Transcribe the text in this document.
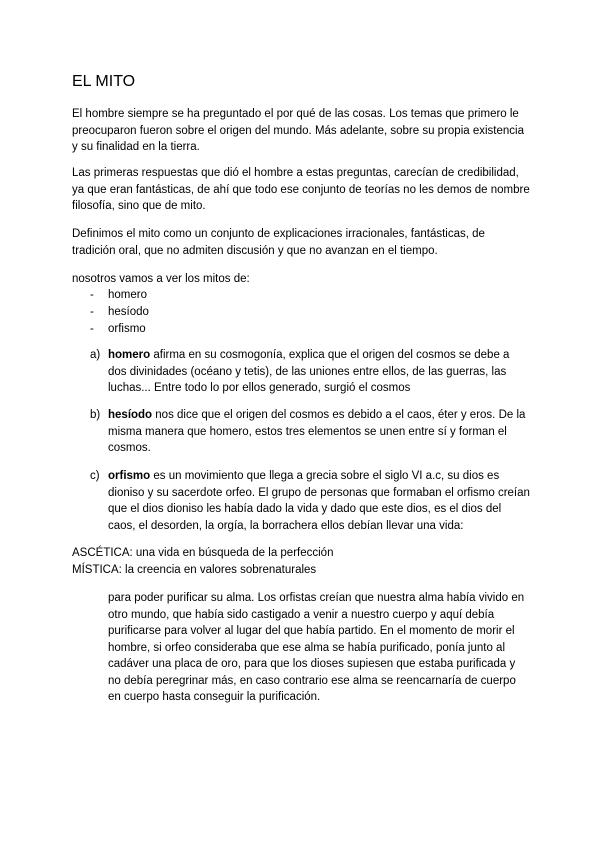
EL MITO

El hombre siempre se ha preguntado el por qué de las cosas. Los temas que primero le preocuparon fueron sobre el origen del mundo. Más adelante, sobre su propia existencia y su finalidad en la tierra.

Las primeras respuestas que dió el hombre a estas preguntas, carecían de credibilidad, ya que eran fantásticas, de ahí que todo ese conjunto de teorías no les demos de nombre filosofía, sino que de mito.

Definimos el mito como un conjunto de explicaciones irracionales, fantásticas, de tradición oral, que no admiten discusión y que no avanzan en el tiempo.

nosotros vamos a ver los mitos de:

- homero
- hesíodo
- orfismo
a) homero afirma en su cosmogonía, explica que el origen del cosmos se debe a dos divinidades (océano y tetis), de las uniones entre ellos, de las guerras, las luchas... Entre todo lo por ellos generado, surgió el cosmos
b) hesíodo nos dice que el origen del cosmos es debido a el caos, éter y eros. De la misma manera que homero, estos tres elementos se unen entre sí y forman el cosmos.
c) orfismo es un movimiento que llega a grecia sobre el siglo VI a.c, su dios es dioniso y su sacerdote orfeo. El grupo de personas que formaban el orfismo creían que el dios dioniso les había dado la vida y dado que este dios, es el dios del caos, el desorden, la orgía, la borrachera ellos debían llevar una vida:
ASCÉTICA: una vida en búsqueda de la perfección
MÍSTICA: la creencia en valores sobrenaturales

para poder purificar su alma. Los orfistas creían que nuestra alma había vivido en otro mundo, que había sido castigado a venir a nuestro cuerpo y aquí debía purificarse para volver al lugar del que había partido. En el momento de morir el hombre, si orfeo consideraba que ese alma se había purificado, ponía junto al cadáver una placa de oro, para que los dioses supiesen que estaba purificada y no debía peregrinar más, en caso contrario ese alma se reencarnaría de cuerpo en cuerpo hasta conseguir la purificación.
